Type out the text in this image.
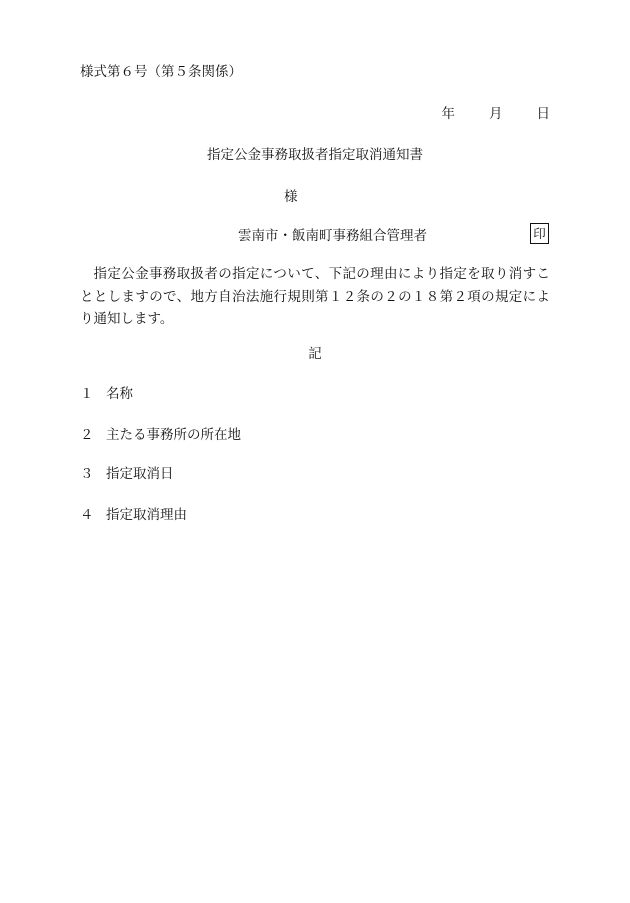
様式第６号（第５条関係）
年	月	日
指定公金事務取扱者指定取消通知書
様
雲南市・飯南町事務組合管理者	印
指定公金事務取扱者の指定について、下記の理由により指定を取り消すこととしますので、地方自治法施行規則第１２条の２の１８第２項の規定により通知します。
記
１ 名称
２ 主たる事務所の所在地
３ 指定取消日
４ 指定取消理由
